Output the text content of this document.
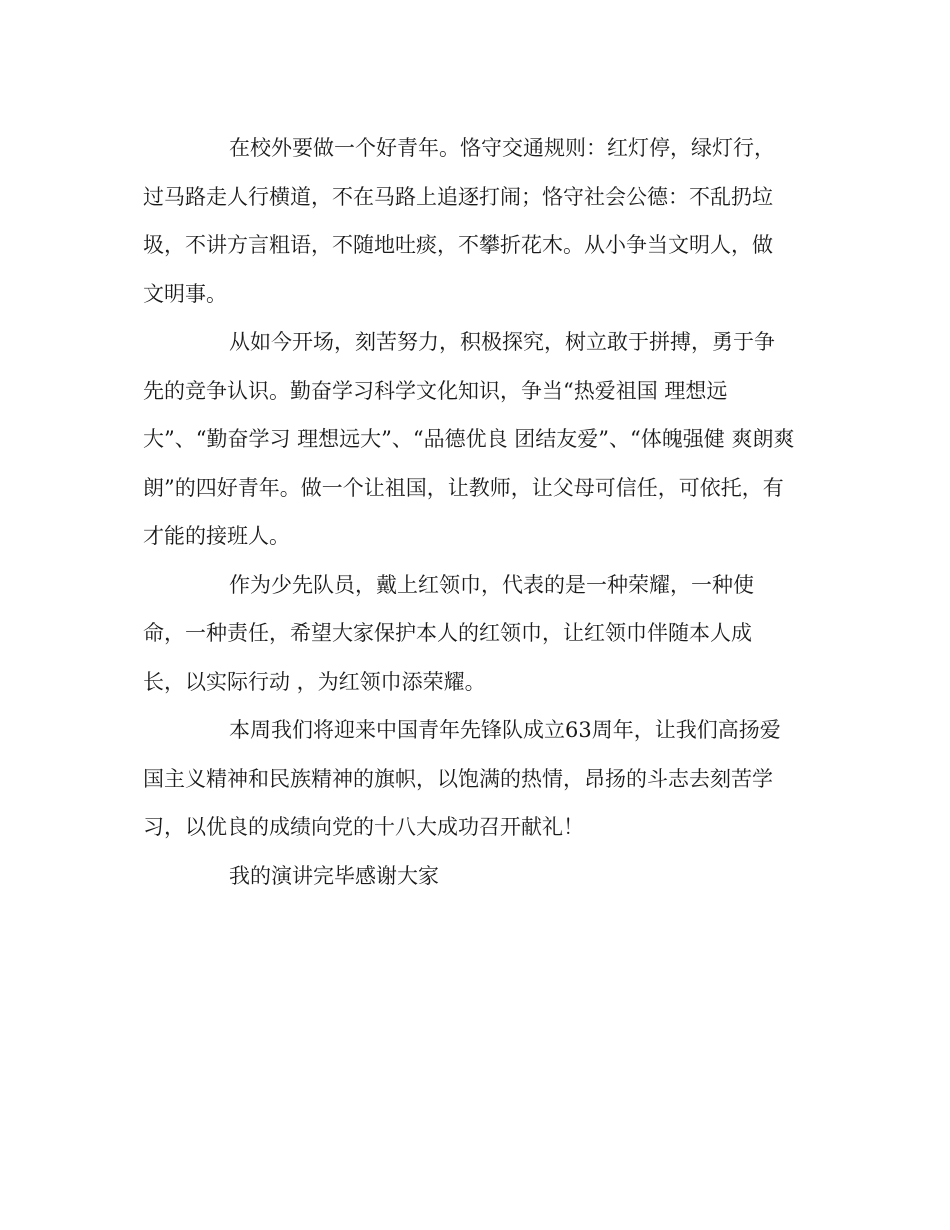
在校外要做一个好青年。恪守交通规则：红灯停，绿灯行，
过马路走人行横道，不在马路上追逐打闹；恪守社会公德：不乱扔垃
圾，不讲方言粗语，不随地吐痰，不攀折花木。从小争当文明人，做
文明事。

从如今开场，刻苦努力，积极探究，树立敢于拼搏，勇于争
先的竞争认识。勤奋学习科学文化知识，争当“热爱祖国 理想远
大”、“勤奋学习 理想远大”、“品德优良 团结友爱”、“体魄强健 爽朗爽
朗”的四好青年。做一个让祖国，让教师，让父母可信任，可依托，有
才能的接班人。

作为少先队员，戴上红领巾，代表的是一种荣耀，一种使
命，一种责任，希望大家保护本人的红领巾，让红领巾伴随本人成
长，以实际行动 ，为红领巾添荣耀。

本周我们将迎来中国青年先锋队成立63周年，让我们高扬爱
国主义精神和民族精神的旗帜，以饱满的热情，昂扬的斗志去刻苦学
习，以优良的成绩向党的十八大成功召开献礼！

我的演讲完毕感谢大家
